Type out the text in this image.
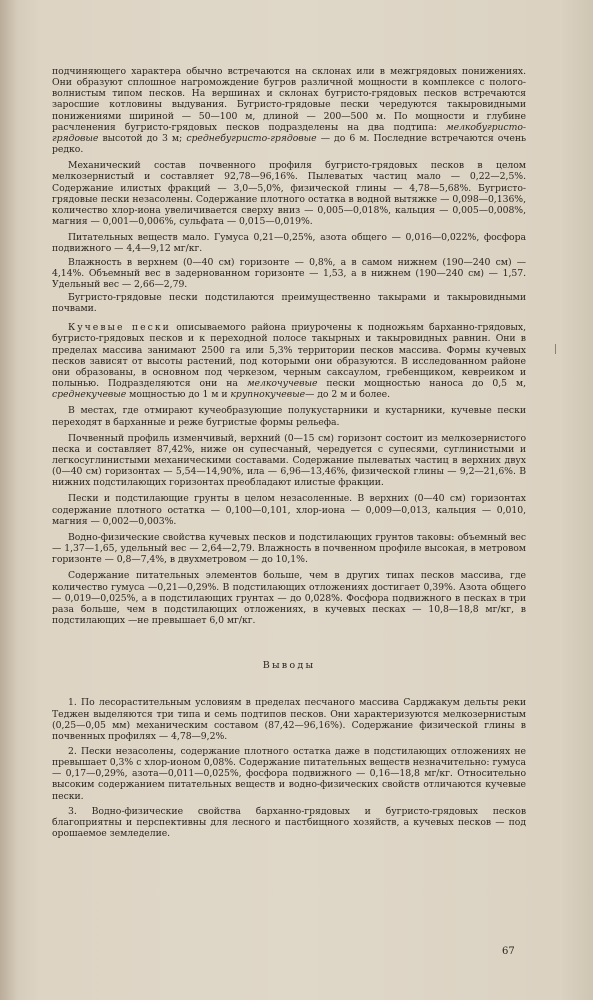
подчиняющего характера обычно встречаются на склонах или в межгрядовых понижениях. Они образуют сплошное нагромождение бугров различной мощности в комплексе с полого-волнистым типом песков. На вершинах и склонах бугристо-грядовых песков встречаются заросшие котловины выдувания. Бугристо-грядовые пески чередуются такыровидными понижениями шириной — 50—100 м, длиной — 200—500 м. По мощности и глубине расчленения бугристо-грядовых песков подразделены на два подтипа: мелкобугристо-грядовые высотой до 3 м; среднебугристо-грядовые — до 6 м. Последние встречаются очень редко.

Механический состав почвенного профиля бугристо-грядовых песков в целом мелкозернистый и составляет 92,78—96,16%. Пылеватых частиц мало — 0,22—2,5%. Содержание илистых фракций — 3,0—5,0%, физической глины — 4,78—5,68%. Бугристо-грядовые пески незасолены. Содержание плотного остатка в водной вытяжке — 0,098—0,136%, количество хлор-иона увеличивается сверху вниз — 0,005—0,018%, кальция — 0,005—0,008%, магния — 0,001—0,006%, сульфата — 0,015—0,019%.

Питательных веществ мало. Гумуса 0,21—0,25%, азота общего — 0,016—0,022%, фосфора подвижного — 4,4—9,12 мг/кг.

Влажность в верхнем (0—40 см) горизонте — 0,8%, а в самом нижнем (190—240 см) — 4,14%. Объемный вес в задернованном горизонте — 1,53, а в нижнем (190—240 см) — 1,57. Удельный вес — 2,66—2,79.

Бугристо-грядовые пески подстилаются преимущественно такырами и такыровидными почвами.

Кучевые пески описываемого района приурочены к подножьям барханно-грядовых, бугристо-грядовых песков и к переходной полосе такырных и такыровидных равнин. Они в пределах массива занимают 2500 га или 5,3% территории песков массива. Формы кучевых песков зависят от высоты растений, под которыми они образуются. В исследованном районе они образованы, в основном под черкезом, черным саксаулом, гребенщиком, кевреиком и полынью. Подразделяются они на мелкочучевые пески мощностью наноса до 0,5 м, среднекучевые мощностью до 1 м и крупнокучевые— до 2 м и более.

В местах, где отмирают кучеобразующие полукустарники и кустарники, кучевые пески переходят в барханные и реже бугристые формы рельефа.

Почвенный профиль изменчивый, верхний (0—15 см) горизонт состоит из мелкозернистого песка и составляет 87,42%, ниже он супесчаный, чередуется с супесями, суглинистыми и легкосуглинистыми механическими составами. Содержание пылеватых частиц в верхних двух (0—40 см) горизонтах — 5,54—14,90%, ила — 6,96—13,46%, физической глины — 9,2—21,6%. В нижних подстилающих горизонтах преобладают илистые фракции.

Пески и подстилающие грунты в целом незасоленные. В верхних (0—40 см) горизонтах содержание плотного остатка — 0,100—0,101, хлор-иона — 0,009—0,013, кальция — 0,010, магния — 0,002—0,003%.

Водно-физические свойства кучевых песков и подстилающих грунтов таковы: объемный вес — 1,37—1,65, удельный вес — 2,64—2,79. Влажность в почвенном профиле высокая, в метровом горизонте — 0,8—7,4%, в двухметровом — до 10,1%.

Содержание питательных элементов больше, чем в других типах песков массива, где количество гумуса —0,21—0,29%. В подстилающих отложениях достигает 0,39%. Азота общего — 0,019—0,025%, а в подстилающих грунтах — до 0,028%. Фосфора подвижного в песках в три раза больше, чем в подстилающих отложениях, в кучевых песках — 10,8—18,8 мг/кг, в подстилающих —не превышает 6,0 мг/кг.

Выводы

1. По лесорастительным условиям в пределах песчаного массива Сарджакум дельты реки Теджен выделяются три типа и семь подтипов песков. Они характеризуются мелкозернистым (0,25—0,05 мм) механическим составом (87,42—96,16%). Содержание физической глины в почвенных профилях — 4,78—9,2%.

2. Пески незасолены, содержание плотного остатка даже в подстилающих отложениях не превышает 0,3% с хлор-ионом 0,08%. Содержание питательных веществ незначительно: гумуса — 0,17—0,29%, азота—0,011—0,025%, фосфора подвижного — 0,16—18,8 мг/кг. Относительно высоким содержанием питательных веществ и водно-физических свойств отличаются кучевые пески.

3. Водно-физические свойства барханно-грядовых и бугристо-грядовых песков благоприятны и перспективны для лесного и пастбищного хозяйств, а кучевых песков — под орошаемое земледелие.

67
